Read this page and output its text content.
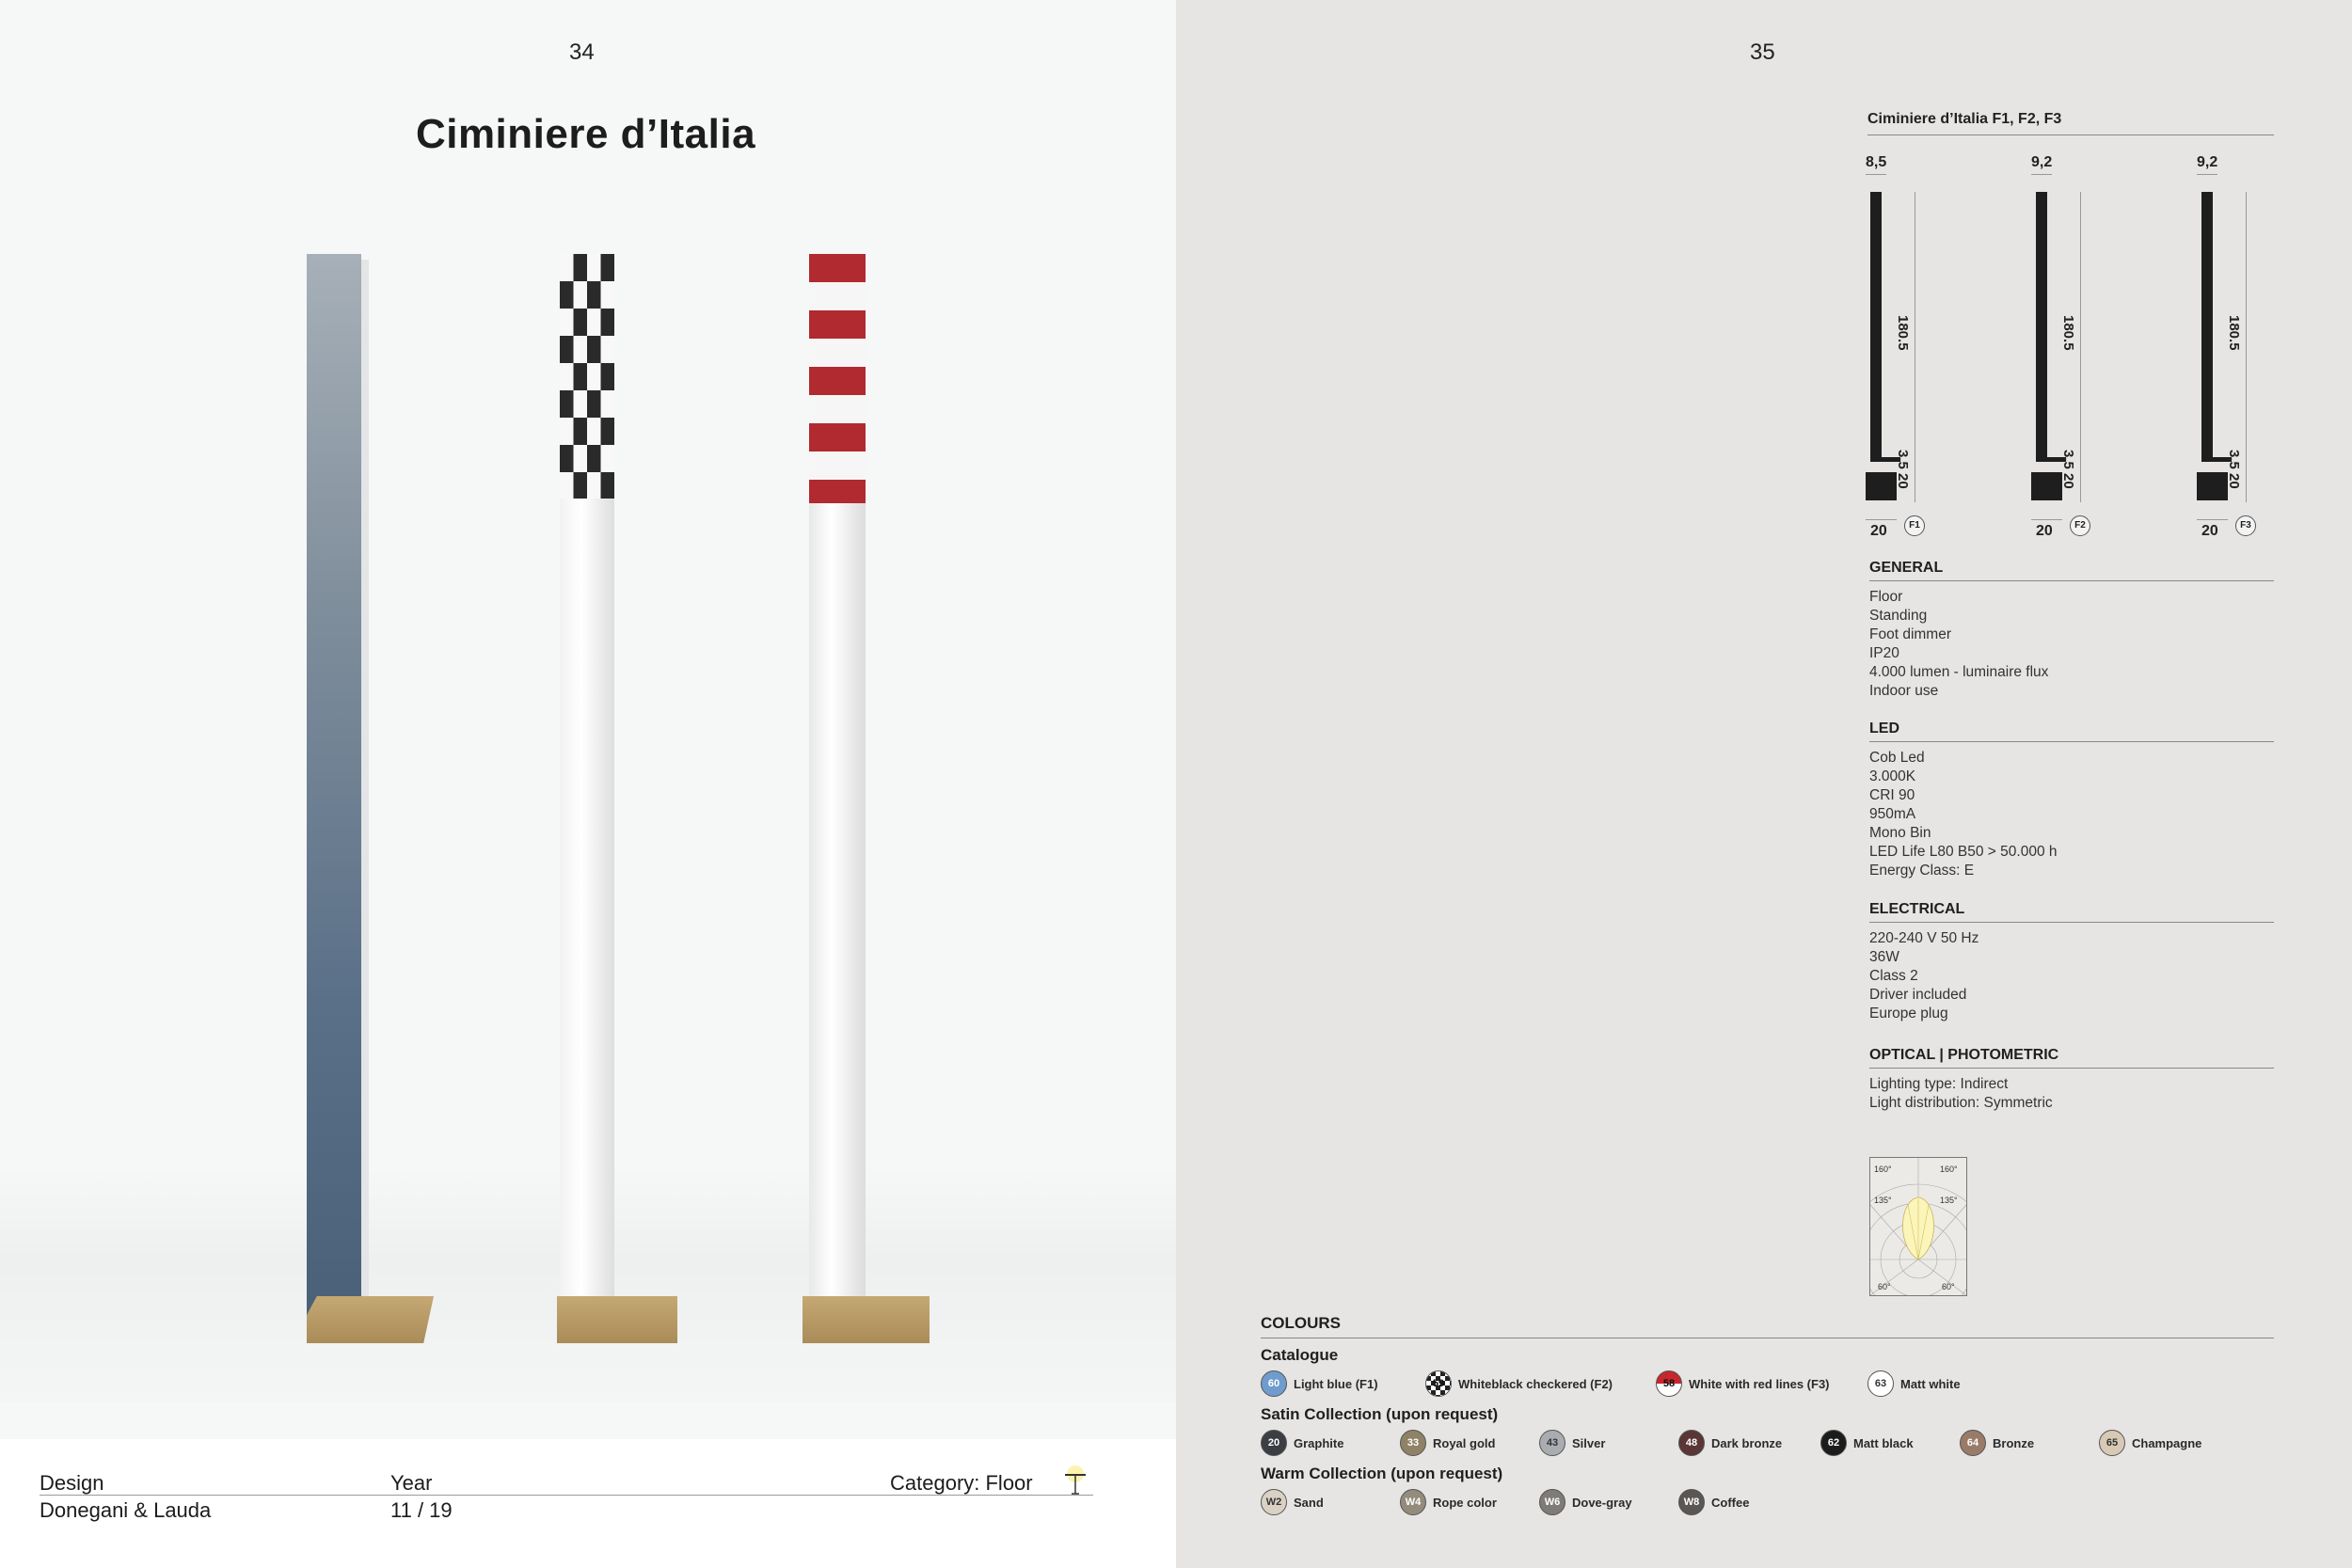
34
Ciminiere d’Italia
Design
Donegani & Lauda
Year
11 / 19
Category: Floor
35
Ciminiere d’Italia F1, F2, F3
8,5
180.5
3,5 20
20	F1
9,2
180.5
3,5 20
20	F2
9,2
180.5
3,5 20
20	F3
GENERAL
Floor
Standing
Foot dimmer
IP20
4.000 lumen - luminaire flux
Indoor use
LED
Cob Led
3.000K
CRI 90
950mA
Mono Bin
LED Life L80 B50 > 50.000 h
Energy Class: E
ELECTRICAL
220-240 V 50 Hz
36W
Class 2
Driver included
Europe plug
OPTICAL | PHOTOMETRIC
Lighting type: Indirect
Light distribution: Symmetric
160°	160°
135°	135°
60°	60°
COLOURS
Catalogue
60	Light blue (F1)	59	Whiteblack checkered (F2)	58	White with red lines (F3)	63	Matt white
Satin Collection (upon request)
20	Graphite	33	Royal gold	43	Silver	48	Dark bronze	62	Matt black	64	Bronze	65	Champagne
Warm Collection (upon request)
W2 Sand	W4 Rope color	W6 Dove-gray	W8 Coffee
